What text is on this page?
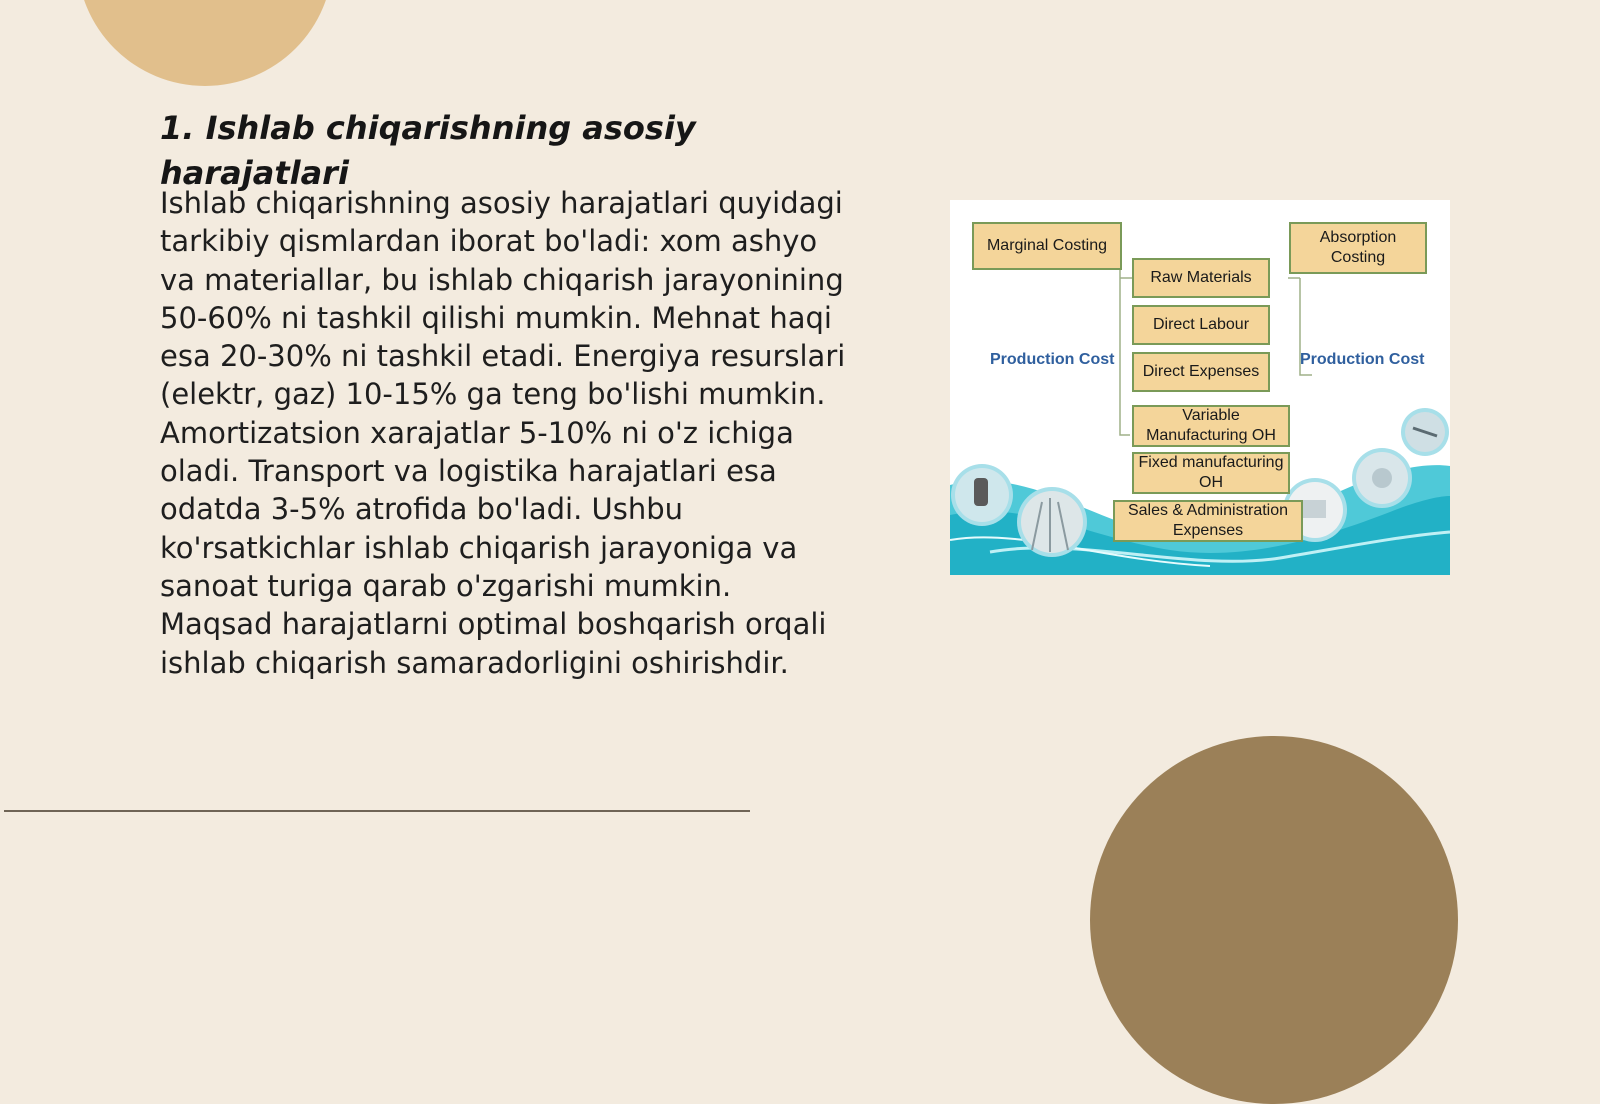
1. Ishlab chiqarishning asosiy harajatlari

Ishlab chiqarishning asosiy harajatlari quyidagi tarkibiy qismlardan iborat bo'ladi: xom ashyo va materiallar, bu ishlab chiqarish jarayonining 50-60% ni tashkil qilishi mumkin. Mehnat haqi esa 20-30% ni tashkil etadi. Energiya resurslari (elektr, gaz) 10-15% ga teng bo'lishi mumkin. Amortizatsion xarajatlar 5-10% ni o'z ichiga oladi. Transport va logistika harajatlari esa odatda 3-5% atrofida bo'ladi. Ushbu ko'rsatkichlar ishlab chiqarish jarayoniga va sanoat turiga qarab o'zgarishi mumkin. Maqsad harajatlarni optimal boshqarish orqali ishlab chiqarish samaradorligini oshirishdir.

Marginal Costing	Absorption Costing
Raw Materials
Direct Labour
Direct Expenses
Variable Manufacturing OH
Fixed manufacturing OH
Sales & Administration Expenses
Production Cost	Production Cost
